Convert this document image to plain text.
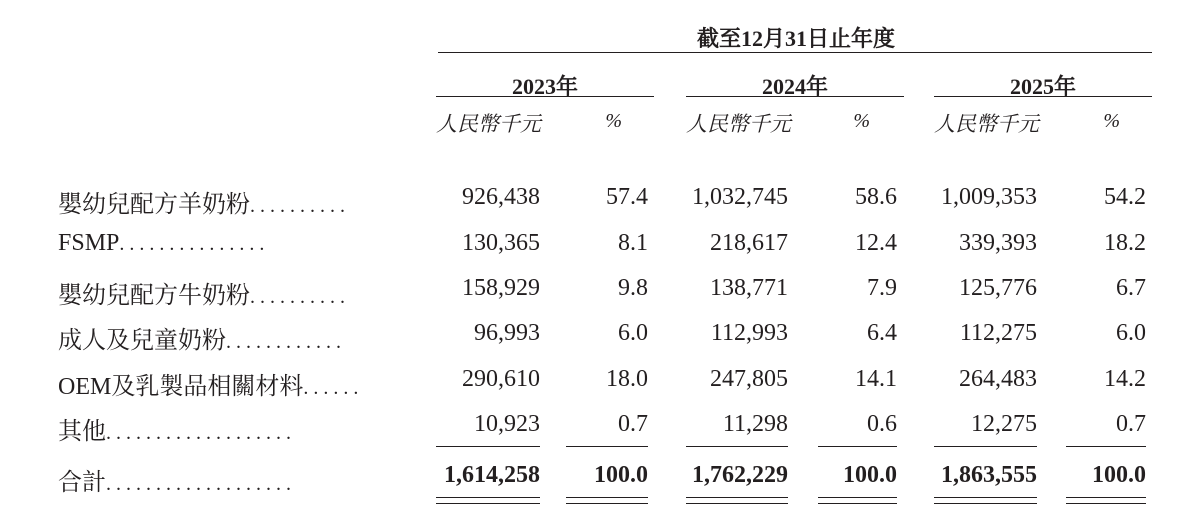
截至12月31日止年度
2023年	2024年	2025年
人民幣千元	人民幣千元	人民幣千元
%	%	%
嬰幼兒配方羊奶粉..........	926,438	57.4 1,032,745	58.6 1,009,353	54.2
FSMP...............	130,365	8.1	218,617	12.4	339,393	18.2
嬰幼兒配方牛奶粉..........	158,929	9.8	138,771	7.9	125,776	6.7
成人及兒童奶粉............	96,993	6.0	112,993	6.4	112,275	6.0
OEM及乳製品相關材料......	290,610	18.0	247,805	14.1	264,483	14.2
其他...................	10,923	0.7	11,298	0.6	12,275	0.7
合計...................	1,614,258 100.0 1,762,229 100.0 1,863,555 100.0
